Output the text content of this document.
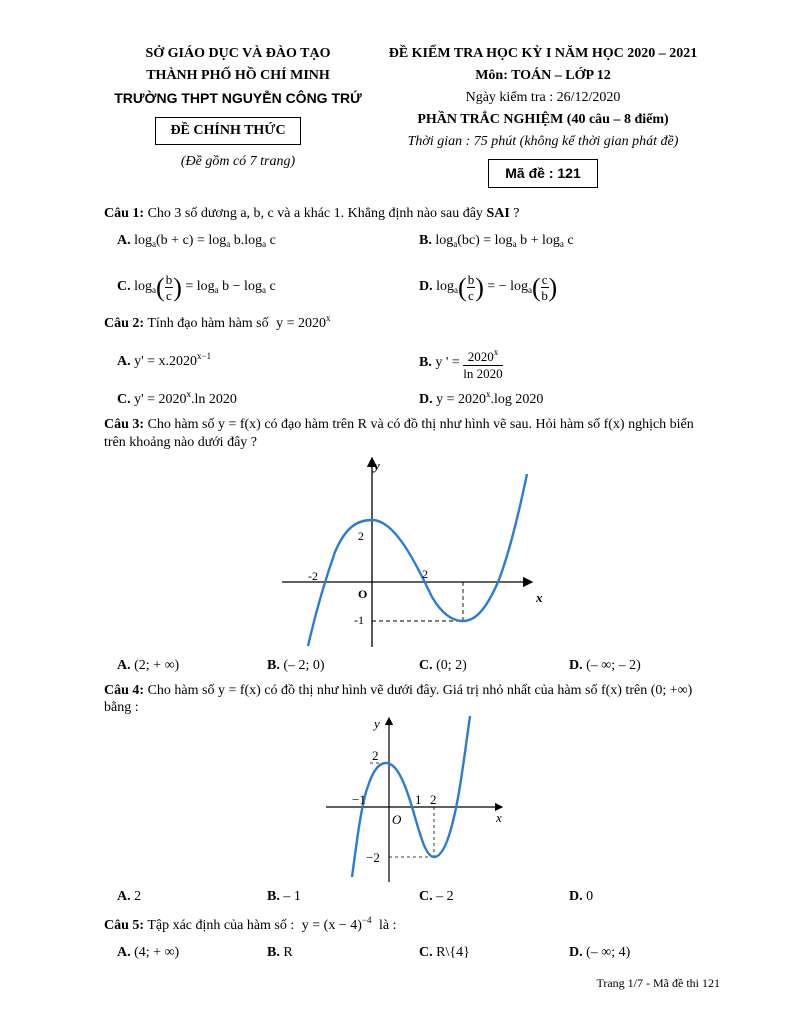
SỞ GIÁO DỤC VÀ ĐÀO TẠO
THÀNH PHỐ HỒ CHÍ MINH
TRƯỜNG THPT NGUYỄN CÔNG TRỨ
ĐỀ CHÍNH THỨC
(Đề gồm có 7 trang)
ĐỀ KIỂM TRA HỌC KỲ I NĂM HỌC 2020 – 2021
Môn: TOÁN – LỚP 12
Ngày kiểm tra : 26/12/2020
PHẦN TRẮC NGHIỆM (40 câu – 8 điểm)
Thời gian : 75 phút (không kể thời gian phát đề)
Mã đề : 121
Câu 1: Cho 3 số dương a, b, c và a khác 1. Khẳng định nào sau đây SAI ?
A. $\log_a(b + c) = \log_a b.\log_a$ c	B. $\log_a(bc) = \log_a b + \log_a c$
C. $\log_a( \frac{b}{c}$ ) = $\log_a b - \log_a c$	D. $\log_a( \frac{b}{c}$ ) = − $\log_a( \frac{c}{b}$ )
Câu 2: Tính đạo hàm hàm số $y = 2020^x$
A. $y' = x.2020^{x-1}$	B. y ' = $\frac{2020^x}{\ln 2020}$
C. $y' = 2020^x.\ln$ 2020	D. $y = 2020^x.\log$ 2020
Câu 3: Cho hàm số y = f(x) có đạo hàm trên R và có đồ thị như hình vẽ sau. Hỏi hàm số f(x) nghịch biến
trên khoảng nào dưới đây ?
y
x
O
2
-2	2
-1
A. (2; + ∞)	B. (– 2; 0)	C. (0; 2)	D. (– ∞; – 2)
Câu 4: Cho hàm số y = f(x) có đồ thị như hình vẽ dưới đây. Giá trị nhỏ nhất của hàm số f(x) trên (0; +∞)
bằng :
y
x
O
2
−1	1 2
−2
A. 2	B. – 1	C. – 2	D. 0
Câu 5: Tập xác định của hàm số : $y = (x - 4)^{-4}$ là :
A. (4; + ∞)	B. R	C. R\{4}	D. (– ∞; 4)
Trang 1/7 - Mã đề thi 121
